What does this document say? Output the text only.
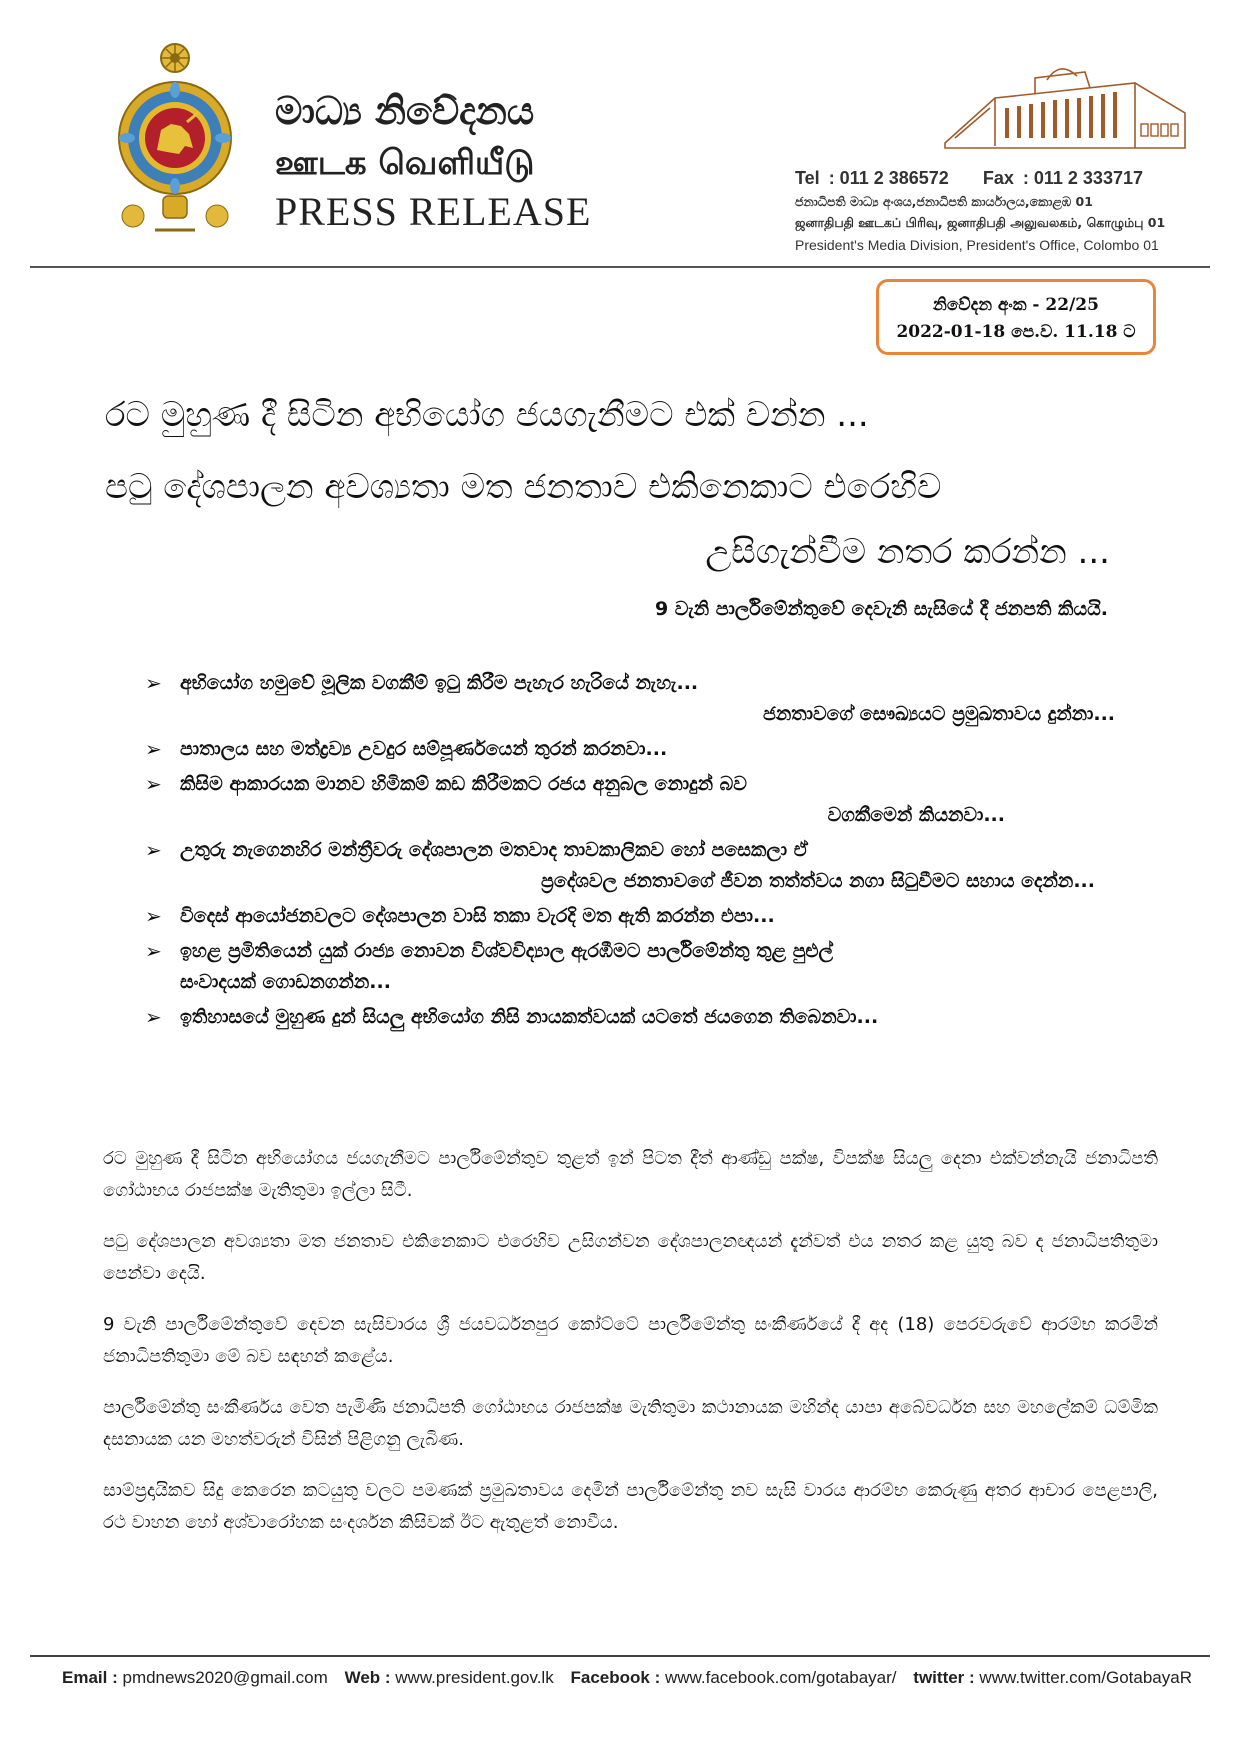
මාධ්‍ය නිවේදනය
ஊடக வெளியீடு
PRESS RELEASE
Tel : 011 2 386572 Fax : 011 2 333717
ජනාධිපති මාධ්‍ය අංශය,ජනාධිපති කාර්යාලය,කොළඹ 01
ஜனாதிபதி ஊடகப் பிரிவு, ஜனாதிபதி அலுவலகம், கொழும்பு 01
President's Media Division, President's Office, Colombo 01
නිවේදන අංක - 22/25
2022-01-18 පෙ.ව. 11.18 ට
රට මුහුණ දී සිටින අභියෝග ජයගැනීමට එක් වන්න ...
පටු දේශපාලන අවශ්‍යතා මත ජනතාව එකිනෙකාට එරෙහිව
උසිගැන්වීම නතර කරන්න ...
9 වැනි පාර්ලිමේන්තුවේ දෙවැනි සැසියේ දී ජනපති කියයි.
➢ අභියෝග හමුවේ මූලික වගකීම් ඉටු කිරීම පැහැර හැරියේ නැහැ...
ජනතාවගේ සෞඛ්‍යයට ප්‍රමුඛතාවය දුන්නා...
➢ පාතාලය සහ මත්ද්‍රව්‍ය උවදුර සම්පූර්ණයෙන් තුරන් කරනවා...
➢ කිසිම ආකාරයක මානව හිමිකම් කඩ කිරීමකට රජය අනුබල නොදුන් බව
වගකීමෙන් කියනවා...
➢ උතුරු නැගෙනහිර මන්ත්‍රීවරු දේශපාලන මතවාද තාවකාලිකව හෝ පසෙකලා ඒ
ප්‍රදේශවල ජනතාවගේ ජීවන තත්ත්වය නගා සිටුවීමට සහාය දෙන්න...
➢ විදෙස් ආයෝජනවලට දේශපාලන වාසි තකා වැරදි මත ඇති කරන්න එපා...
➢ ඉහළ ප්‍රමිතියෙන් යුක් රාජ්‍ය නොවන විශ්වවිද්‍යාල ඇරඹීමට පාර්ලිමේන්තු තුළ පුළුල්
සංවාදයක් ගොඩනගන්න...
➢ ඉතිහාසයේ මුහුණ දුන් සියලු අභියෝග නිසි නායකත්වයක් යටතේ ජයගෙන තිබෙනවා...

රට මුහුණ දී සිටින අභියෝගය ජයගැනීමට පාර්ලිමේන්තුව තුළත් ඉන් පිටත දීත් ආණ්ඩු පක්ෂ, විපක්ෂ සියලු දෙනා එක්වන්නැයි ජනාධිපති ගෝඨාභය රාජපක්ෂ මැතිතුමා ඉල්ලා සිටී.

පටු දේශපාලන අවශ්‍යතා මත ජනතාව එකිනෙකාට එරෙහිව උසිගන්වන දේශපාලනඥයන් දැන්වත් එය නතර කළ යුතු බව ද ජනාධිපතිතුමා පෙන්වා දෙයි.

9 වැනි පාර්ලිමේන්තුවේ දෙවන සැසිවාරය ශ්‍රී ජයවර්ධනපුර කෝට්ටේ පාර්ලිමේන්තු සංකීර්ණයේ දී අද (18) පෙරවරුවේ ආරම්භ කරමින් ජනාධිපතිතුමා මේ බව සඳහන් කළේය.

පාර්ලිමේන්තු සංකීර්ණය වෙත පැමිණි ජනාධිපති ගෝඨාභය රාජපක්ෂ මැතිතුමා කථානායක මහින්ද යාපා අබේවර්ධන සහ මහලේකම් ධම්මික දසනායක යන මහත්වරුන් විසින් පිළිගනු ලැබිණ.

සාම්ප්‍රදායිකව සිදු කෙරෙන කටයුතු වලට පමණක් ප්‍රමුඛතාවය දෙමින් පාර්ලිමේන්තු නව සැසි වාරය ආරම්භ කෙරුණු අතර ආචාර පෙළපාලි, රථ වාහන හෝ අශ්වාරෝහක සංදර්ශන කිසිවක් ඊට ඇතුළත් නොවීය.

Email : pmdnews2020@gmail.com Web : www.president.gov.lk Facebook : www.facebook.com/gotabayar/ twitter : www.twitter.com/GotabayaR
